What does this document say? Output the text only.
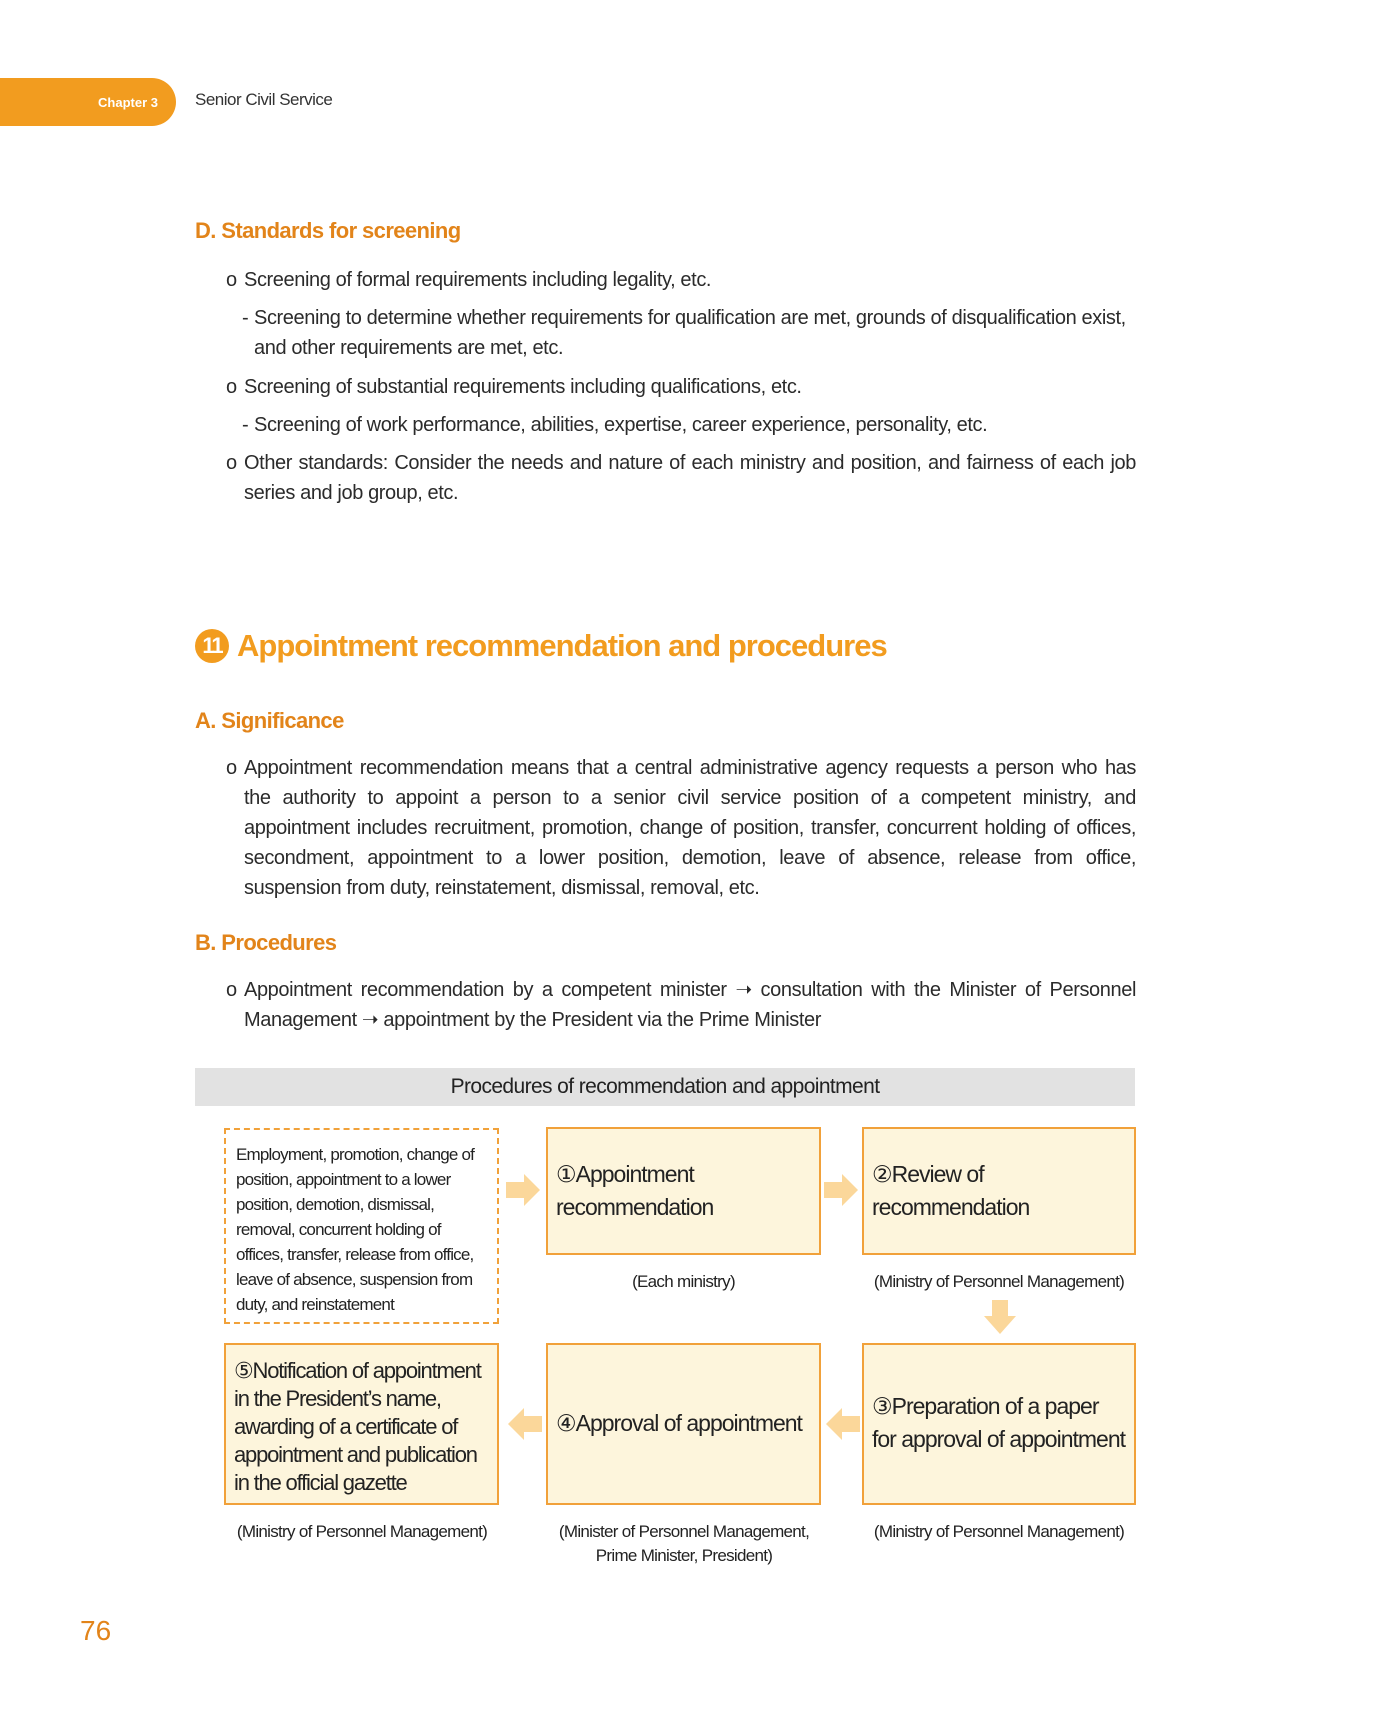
Chapter 3	Senior Civil Service
D. Standards for screening
o Screening of formal requirements including legality, etc.
- Screening to determine whether requirements for qualification are met, grounds of disqualification exist, and other requirements are met, etc.
o Screening of substantial requirements including qualifications, etc.
- Screening of work performance, abilities, expertise, career experience, personality, etc.
o Other standards: Consider the needs and nature of each ministry and position, and fairness of each job series and job group, etc.
11 Appointment recommendation and procedures
A. Significance
o Appointment recommendation means that a central administrative agency requests a person who has the authority to appoint a person to a senior civil service position of a competent ministry, and appointment includes recruitment, promotion, change of position, transfer, concurrent holding of offices, secondment, appointment to a lower position, demotion, leave of absence, release from office, suspension from duty, reinstatement, dismissal, removal, etc.
B. Procedures
o Appointment recommendation by a competent minister ➝ consultation with the Minister of Personnel Management ➝ appointment by the President via the Prime Minister
Procedures of recommendation and appointment
Employment, promotion, change of position, appointment to a lower position, demotion, dismissal, removal, concurrent holding of offices, transfer, release from office, leave of absence, suspension from duty, and reinstatement
①Appointment recommendation
(Each ministry)
②Review of recommendation
(Ministry of Personnel Management)
③Preparation of a paper for approval of appointment
(Ministry of Personnel Management)
④Approval of appointment
(Minister of Personnel Management, Prime Minister, President)
⑤Notification of appointment in the President’s name, awarding of a certificate of appointment and publication in the official gazette
(Ministry of Personnel Management)
76
